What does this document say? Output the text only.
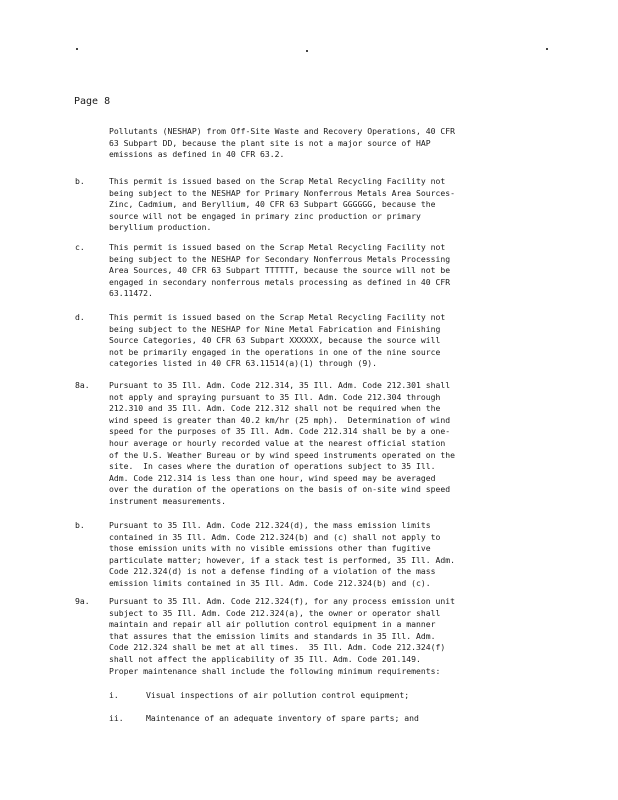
Page 8
Pollutants (NESHAP) from Off-Site Waste and Recovery Operations, 40 CFR
63 Subpart DD, because the plant site is not a major source of HAP
emissions as defined in 40 CFR 63.2.
b.	This permit is issued based on the Scrap Metal Recycling Facility not
being subject to the NESHAP for Primary Nonferrous Metals Area Sources-
Zinc, Cadmium, and Beryllium, 40 CFR 63 Subpart GGGGGG, because the
source will not be engaged in primary zinc production or primary
beryllium production.
c.	This permit is issued based on the Scrap Metal Recycling Facility not
being subject to the NESHAP for Secondary Nonferrous Metals Processing
Area Sources, 40 CFR 63 Subpart TTTTTT, because the source will not be
engaged in secondary nonferrous metals processing as defined in 40 CFR
63.11472.
d.	This permit is issued based on the Scrap Metal Recycling Facility not
being subject to the NESHAP for Nine Metal Fabrication and Finishing
Source Categories, 40 CFR 63 Subpart XXXXXX, because the source will
not be primarily engaged in the operations in one of the nine source
categories listed in 40 CFR 63.11514(a)(1) through (9).
8a. Pursuant to 35 Ill. Adm. Code 212.314, 35 Ill. Adm. Code 212.301 shall
not apply and spraying pursuant to 35 Ill. Adm. Code 212.304 through
212.310 and 35 Ill. Adm. Code 212.312 shall not be required when the
wind speed is greater than 40.2 km/hr (25 mph).  Determination of wind
speed for the purposes of 35 Ill. Adm. Code 212.314 shall be by a one-
hour average or hourly recorded value at the nearest official station
of the U.S. Weather Bureau or by wind speed instruments operated on the
site.  In cases where the duration of operations subject to 35 Ill.
Adm. Code 212.314 is less than one hour, wind speed may be averaged
over the duration of the operations on the basis of on-site wind speed
instrument measurements.
b.	Pursuant to 35 Ill. Adm. Code 212.324(d), the mass emission limits
contained in 35 Ill. Adm. Code 212.324(b) and (c) shall not apply to
those emission units with no visible emissions other than fugitive
particulate matter; however, if a stack test is performed, 35 Ill. Adm.
Code 212.324(d) is not a defense finding of a violation of the mass
emission limits contained in 35 Ill. Adm. Code 212.324(b) and (c).
9a. Pursuant to 35 Ill. Adm. Code 212.324(f), for any process emission unit
subject to 35 Ill. Adm. Code 212.324(a), the owner or operator shall
maintain and repair all air pollution control equipment in a manner
that assures that the emission limits and standards in 35 Ill. Adm.
Code 212.324 shall be met at all times.  35 Ill. Adm. Code 212.324(f)
shall not affect the applicability of 35 Ill. Adm. Code 201.149.
Proper maintenance shall include the following minimum requirements:
i.	Visual inspections of air pollution control equipment;
ii.	Maintenance of an adequate inventory of spare parts; and
